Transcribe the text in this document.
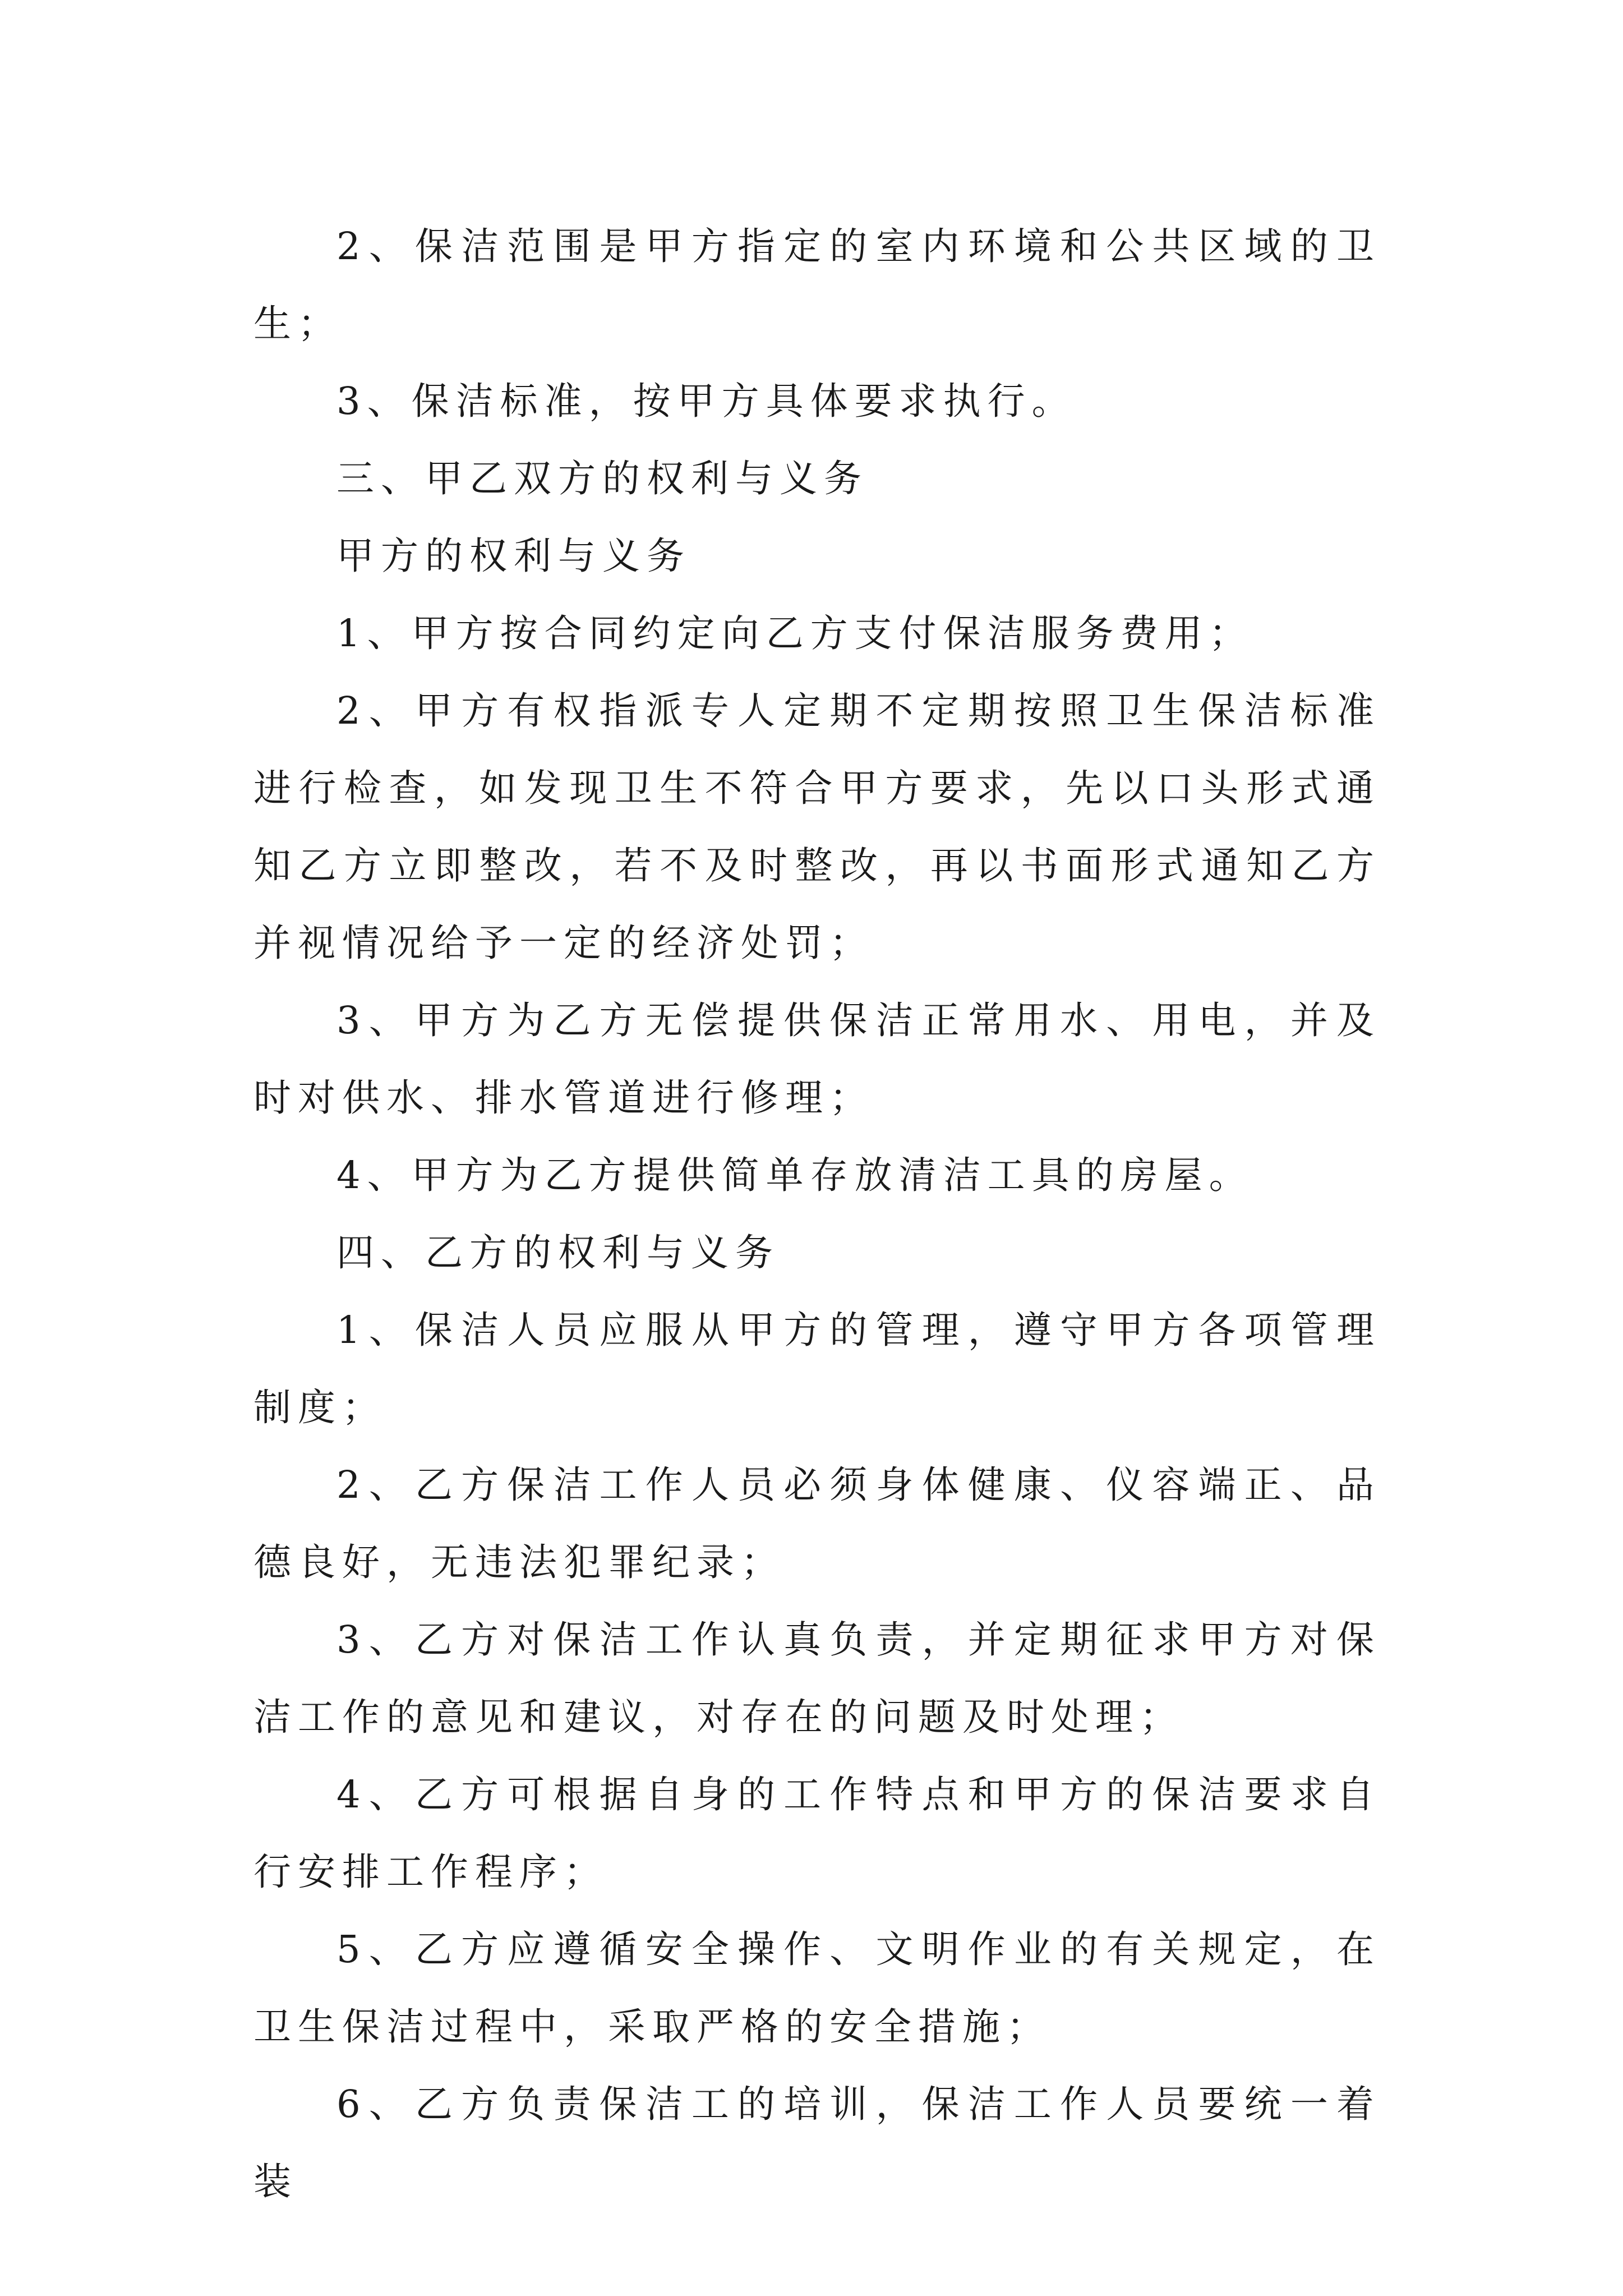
2、保洁范围是甲方指定的室内环境和公共区域的卫生；

3、保洁标准，按甲方具体要求执行。

三、甲乙双方的权利与义务

甲方的权利与义务

1、甲方按合同约定向乙方支付保洁服务费用；

2、甲方有权指派专人定期不定期按照卫生保洁标准进行检查，如发现卫生不符合甲方要求，先以口头形式通知乙方立即整改，若不及时整改，再以书面形式通知乙方并视情况给予一定的经济处罚；

3、甲方为乙方无偿提供保洁正常用水、用电，并及时对供水、排水管道进行修理；

4、甲方为乙方提供简单存放清洁工具的房屋。

四、乙方的权利与义务

1、保洁人员应服从甲方的管理，遵守甲方各项管理制度；

2、乙方保洁工作人员必须身体健康、仪容端正、品德良好，无违法犯罪纪录；

3、乙方对保洁工作认真负责，并定期征求甲方对保洁工作的意见和建议，对存在的问题及时处理；

4、乙方可根据自身的工作特点和甲方的保洁要求自行安排工作程序；

5、乙方应遵循安全操作、文明作业的有关规定，在卫生保洁过程中，采取严格的安全措施；

6、乙方负责保洁工的培训，保洁工作人员要统一着装
